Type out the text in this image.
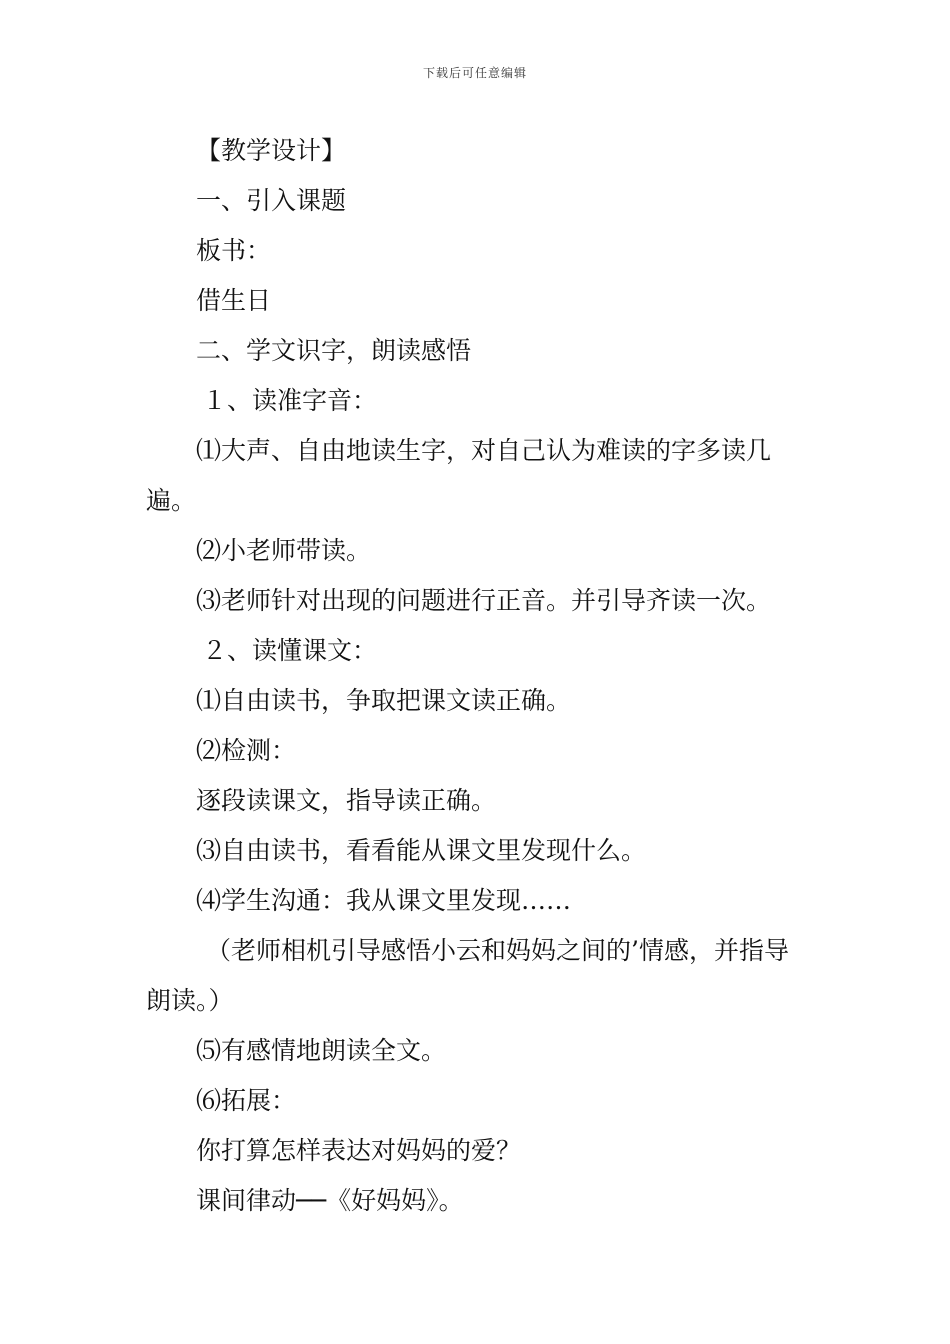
下载后可任意编辑

【教学设计】

一、引入课题

板书：

借生日

二、学文识字，朗读感悟

１、读准字音：

⑴大声、自由地读生字，对自己认为难读的字多读几遍。

⑵小老师带读。

⑶老师针对出现的问题进行正音。并引导齐读一次。

２、读懂课文：

⑴自由读书，争取把课文读正确。

⑵检测：

逐段读课文，指导读正确。

⑶自由读书，看看能从课文里发现什么。

⑷学生沟通：我从课文里发现……

（老师相机引导感悟小云和妈妈之间的’情感，并指导朗读。）

⑸有感情地朗读全文。

⑹拓展：

你打算怎样表达对妈妈的爱？

课间律动──《好妈妈》。
